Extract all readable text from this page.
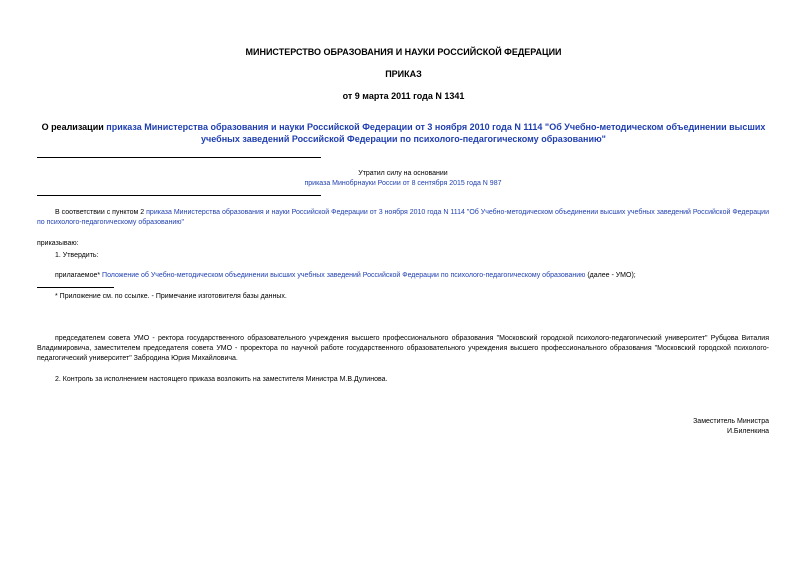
МИНИСТЕРСТВО ОБРАЗОВАНИЯ И НАУКИ РОССИЙСКОЙ ФЕДЕРАЦИИ
ПРИКАЗ
от 9 марта 2011 года N 1341
О реализации приказа Министерства образования и науки Российской Федерации от 3 ноября 2010 года N 1114 "Об Учебно-методическом объединении высших учебных заведений Российской Федерации по психолого-педагогическому образованию"
Утратил силу на основании
приказа Минобрнауки России от 8 сентября 2015 года N 987
В соответствии с пунктом 2 приказа Министерства образования и науки Российской Федерации от 3 ноября 2010 года N 1114 "Об Учебно-методическом объединении высших учебных заведений Российской Федерации по психолого-педагогическому образованию"
приказываю:
1. Утвердить:
прилагаемое* Положение об Учебно-методическом объединении высших учебных заведений Российской Федерации по психолого-педагогическому образованию (далее - УМО);
* Приложение см. по ссылке. - Примечание изготовителя базы данных.
председателем совета УМО - ректора государственного образовательного учреждения высшего профессионального образования "Московский городской психолого-педагогический университет" Рубцова Виталия Владимировича, заместителем председателя совета УМО - проректора по научной работе государственного образовательного учреждения высшего профессионального образования "Московский городской психолого-педагогический университет" Забродина Юрия Михайловича.
2. Контроль за исполнением настоящего приказа возложить на заместителя Министра М.В.Дулинова.
Заместитель Министра
И.Биленкина
